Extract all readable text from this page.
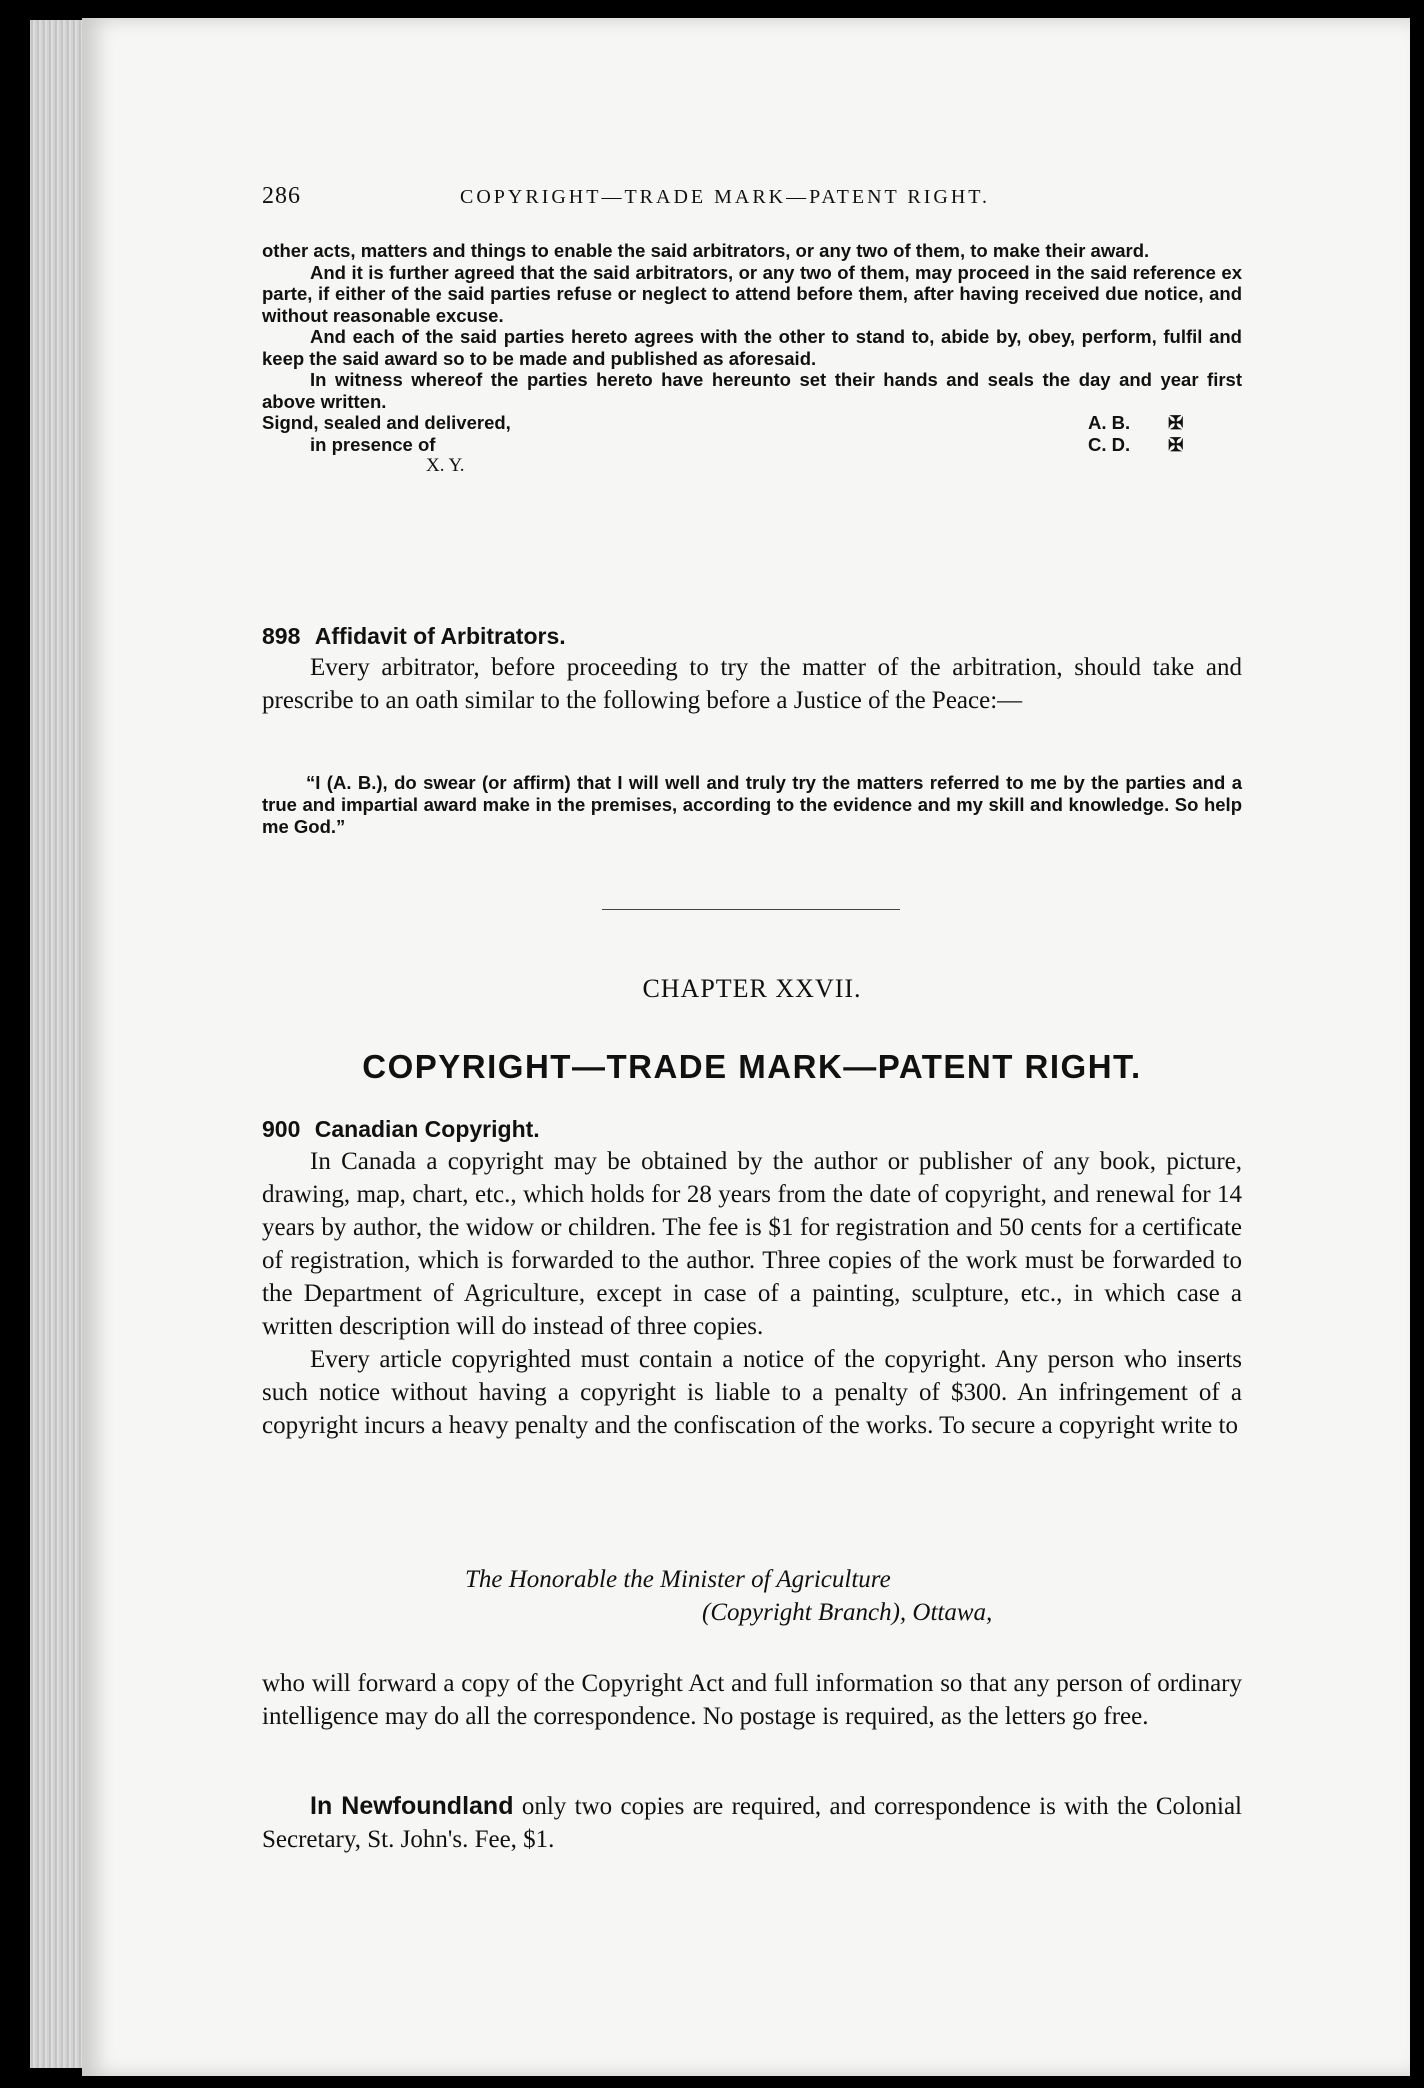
286	COPYRIGHT—TRADE MARK—PATENT RIGHT.

other acts, matters and things to enable the said arbitrators, or any two of them, to make their award.

And it is further agreed that the said arbitrators, or any two of them, may proceed in the said reference ex parte, if either of the said parties refuse or neglect to attend before them, after having received due notice, and without reasonable excuse.

And each of the said parties hereto agrees with the other to stand to, abide by, obey, perform, fulfil and keep the said award so to be made and published as aforesaid.

In witness whereof the parties hereto have hereunto set their hands and seals the day and year first above written.

Signd, sealed and delivered,	A. B. ✠
in presence of	C. D. ✠
X. Y.
898 Affidavit of Arbitrators.

Every arbitrator, before proceeding to try the matter of the arbitration, should take and prescribe to an oath similar to the following before a Justice of the Peace:—

“I (A. B.), do swear (or affirm) that I will well and truly try the matters referred to me by the parties and a true and impartial award make in the premises, according to the evidence and my skill and knowledge. So help me God.”
CHAPTER XXVII.
COPYRIGHT—TRADE MARK—PATENT RIGHT.
900 Canadian Copyright.

In Canada a copyright may be obtained by the author or publisher of any book, picture, drawing, map, chart, etc., which holds for 28 years from the date of copyright, and renewal for 14 years by author, the widow or children. The fee is $1 for registration and 50 cents for a certificate of registration, which is forwarded to the author. Three copies of the work must be forwarded to the Department of Agriculture, except in case of a painting, sculpture, etc., in which case a written description will do instead of three copies.

Every article copyrighted must contain a notice of the copyright. Any person who inserts such notice without having a copyright is liable to a penalty of $300. An infringement of a copyright incurs a heavy penalty and the confiscation of the works. To secure a copyright write to

The Honorable the Minister of Agriculture
(Copyright Branch), Ottawa,

who will forward a copy of the Copyright Act and full information so that any person of ordinary intelligence may do all the correspondence. No postage is required, as the letters go free.

In Newfoundland only two copies are required, and correspondence is with the Colonial Secretary, St. John's. Fee, $1.
